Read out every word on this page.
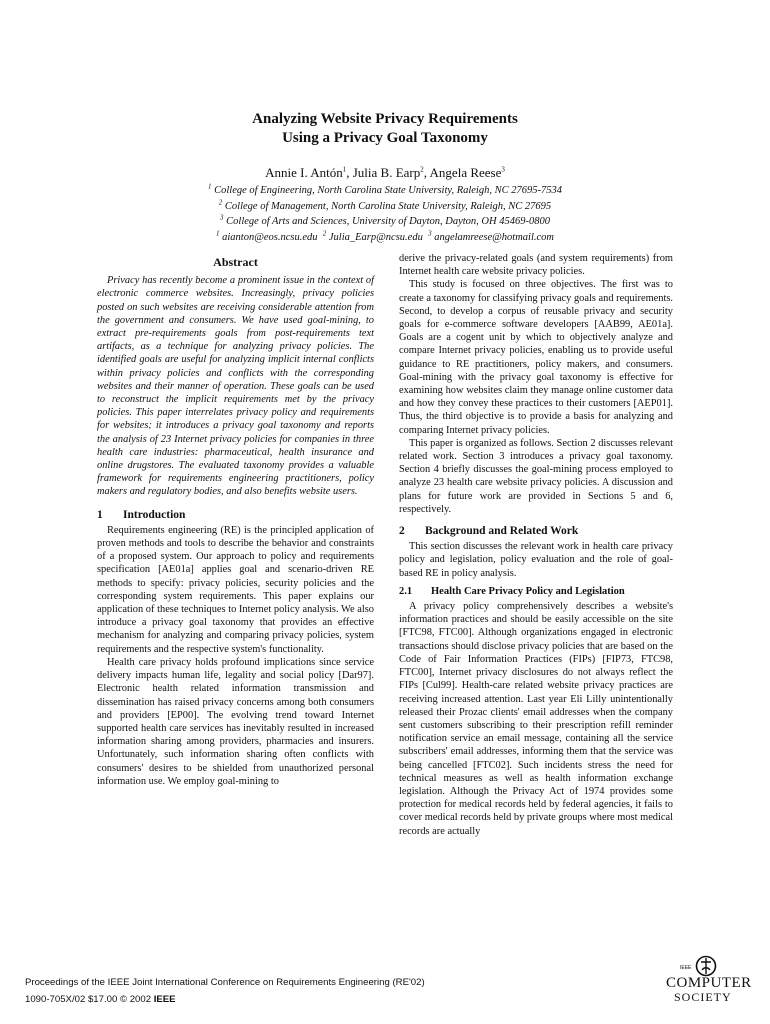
Analyzing Website Privacy Requirements
Using a Privacy Goal Taxonomy
Annie I. Antón$^1$, Julia B. Earp$^2$, Angela Reese$^3$
$^1$ College of Engineering, North Carolina State University, Raleigh, NC 27695-7534
$^2$ College of Management, North Carolina State University, Raleigh, NC 27695
$^3$ College of Arts and Sciences, University of Dayton, Dayton, OH 45469-0800
$^1$ aianton@eos.ncsu.edu $^2$ Julia_Earp@ncsu.edu $^3$ angelamreese@hotmail.com
Abstract

Privacy has recently become a prominent issue in the context of electronic commerce websites. Increasingly, privacy policies posted on such websites are receiving considerable attention from the government and consumers. We have used goal-mining, to extract pre-requirements goals from post-requirements text artifacts, as a technique for analyzing privacy policies. The identified goals are useful for analyzing implicit internal conflicts within privacy policies and conflicts with the corresponding websites and their manner of operation. These goals can be used to reconstruct the implicit requirements met by the privacy policies. This paper interrelates privacy policy and requirements for websites; it introduces a privacy goal taxonomy and reports the analysis of 23 Internet privacy policies for companies in three health care industries: pharmaceutical, health insurance and online drugstores. The evaluated taxonomy provides a valuable framework for requirements engineering practitioners, policy makers and regulatory bodies, and also benefits website users.

1 Introduction

Requirements engineering (RE) is the principled application of proven methods and tools to describe the behavior and constraints of a proposed system. Our approach to policy and requirements specification [AE01a] applies goal and scenario-driven RE methods to specify: privacy policies, security policies and the corresponding system requirements. This paper explains our application of these techniques to Internet policy analysis. We also introduce a privacy goal taxonomy that provides an effective mechanism for analyzing and comparing privacy policies, system requirements and the respective system's functionality.

Health care privacy holds profound implications since service delivery impacts human life, legality and social policy [Dar97]. Electronic health related information transmission and dissemination has raised privacy concerns among both consumers and providers [EP00]. The evolving trend toward Internet supported health care services has inevitably resulted in increased information sharing among providers, pharmacies and insurers. Unfortunately, such information sharing often conflicts with consumers' desires to be shielded from unauthorized personal information use. We employ goal-mining to

derive the privacy-related goals (and system requirements) from Internet health care website privacy policies.

This study is focused on three objectives. The first was to create a taxonomy for classifying privacy goals and requirements. Second, to develop a corpus of reusable privacy and security goals for e-commerce software developers [AAB99, AE01a]. Goals are a cogent unit by which to objectively analyze and compare Internet privacy policies, enabling us to provide useful guidance to RE practitioners, policy makers, and consumers. Goal-mining with the privacy goal taxonomy is effective for examining how websites claim they manage online customer data and how they convey these practices to their customers [AEP01]. Thus, the third objective is to provide a basis for analyzing and comparing Internet privacy policies.

This paper is organized as follows. Section 2 discusses relevant related work. Section 3 introduces a privacy goal taxonomy. Section 4 briefly discusses the goal-mining process employed to analyze 23 health care website privacy policies. A discussion and plans for future work are provided in Sections 5 and 6, respectively.

2 Background and Related Work

This section discusses the relevant work in health care privacy policy and legislation, policy evaluation and the role of goal-based RE in policy analysis.

2.1 Health Care Privacy Policy and Legislation

A privacy policy comprehensively describes a website's information practices and should be easily accessible on the site [FTC98, FTC00]. Although organizations engaged in electronic transactions should disclose privacy policies that are based on the Code of Fair Information Practices (FIPs) [FIP73, FTC98, FTC00], Internet privacy disclosures do not always reflect the FIPs [Cul99]. Health-care related website privacy practices are receiving increased attention. Last year Eli Lilly unintentionally released their Prozac clients' email addresses when the company sent customers subscribing to their prescription refill reminder notification service an email message, containing all the service subscribers' email addresses, informing them that the service was being cancelled [FTC02]. Such incidents stress the need for technical measures as well as health information exchange legislation. Although the Privacy Act of 1974 provides some protection for medical records held by federal agencies, it fails to cover medical records held by private groups where most medical records are actually

Proceedings of the IEEE Joint International Conference on Requirements Engineering (RE'02)
1090-705X/02 $17.00 © 2002 IEEE
IEEE
COMPUTER
SOCIETY
